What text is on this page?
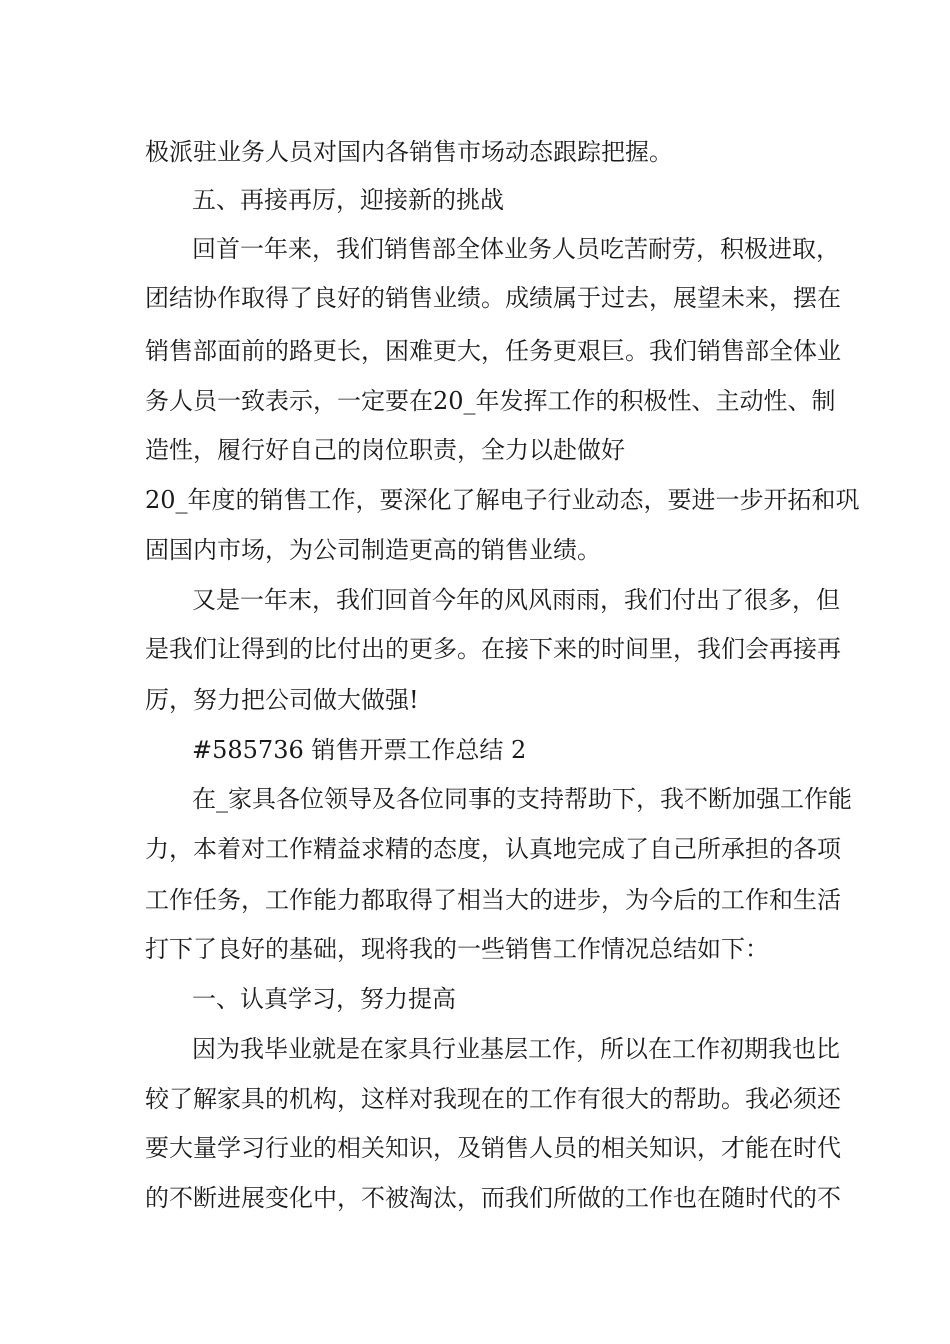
极派驻业务人员对国内各销售市场动态跟踪把握。
五、再接再厉，迎接新的挑战
回首一年来，我们销售部全体业务人员吃苦耐劳，积极进取，
团结协作取得了良好的销售业绩。成绩属于过去，展望未来，摆在
销售部面前的路更长，困难更大，任务更艰巨。我们销售部全体业
务人员一致表示，一定要在20_年发挥工作的积极性、主动性、制
造性，履行好自己的岗位职责，全力以赴做好
20_年度的销售工作，要深化了解电子行业动态，要进一步开拓和巩
固国内市场，为公司制造更高的销售业绩。
又是一年末，我们回首今年的风风雨雨，我们付出了很多，但
是我们让得到的比付出的更多。在接下来的时间里，我们会再接再
厉，努力把公司做大做强!
#585736 销售开票工作总结 2
在_家具各位领导及各位同事的支持帮助下，我不断加强工作能
力，本着对工作精益求精的态度，认真地完成了自己所承担的各项
工作任务，工作能力都取得了相当大的进步，为今后的工作和生活
打下了良好的基础，现将我的一些销售工作情况总结如下：
一、认真学习，努力提高
因为我毕业就是在家具行业基层工作，所以在工作初期我也比
较了解家具的机构，这样对我现在的工作有很大的帮助。我必须还
要大量学习行业的相关知识，及销售人员的相关知识，才能在时代
的不断进展变化中，不被淘汰，而我们所做的工作也在随时代的不
